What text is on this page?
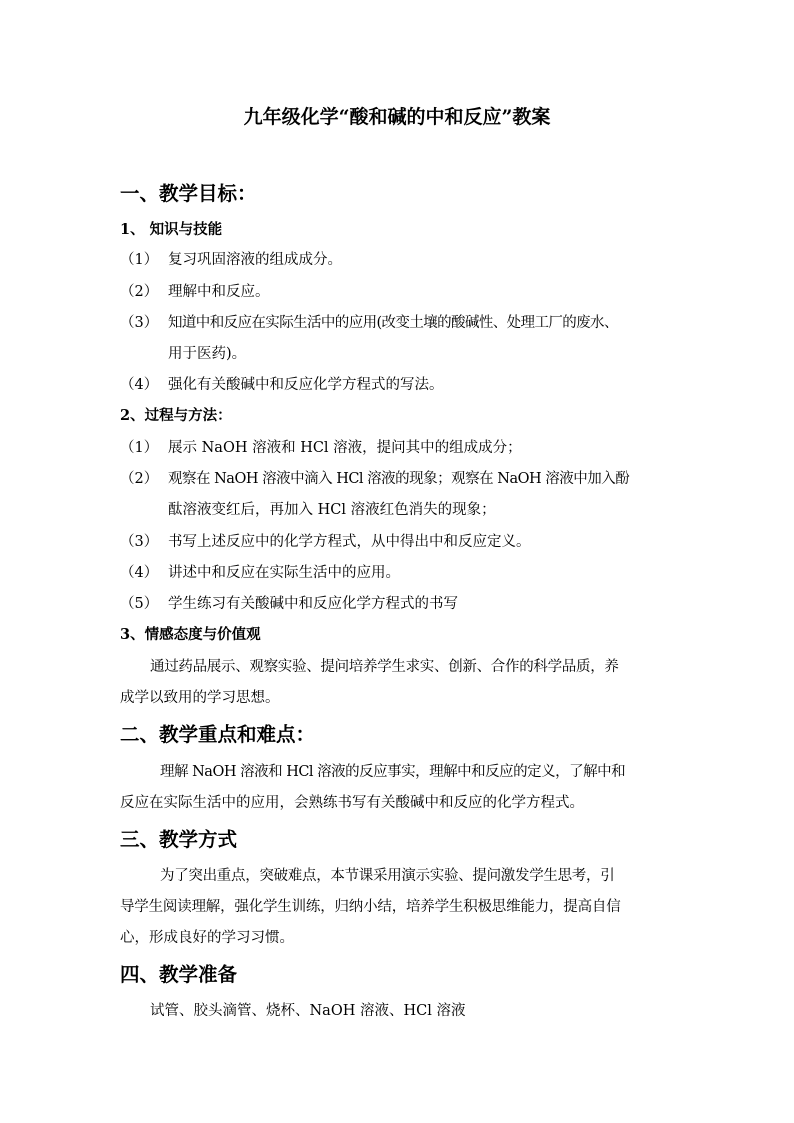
九年级化学“酸和碱的中和反应”教案
一、教学目标：
1、 知识与技能
（1） 复习巩固溶液的组成成分。
（2） 理解中和反应。
（3） 知道中和反应在实际生活中的应用(改变土壤的酸碱性、处理工厂的废水、
用于医药)。
（4） 强化有关酸碱中和反应化学方程式的写法。
2、过程与方法：
（1） 展示 NaOH 溶液和 HCl 溶液，提问其中的组成成分；
（2） 观察在 NaOH 溶液中滴入 HCl 溶液的现象；观察在 NaOH 溶液中加入酚
酞溶液变红后，再加入 HCl 溶液红色消失的现象；
（3） 书写上述反应中的化学方程式，从中得出中和反应定义。
（4） 讲述中和反应在实际生活中的应用。
（5） 学生练习有关酸碱中和反应化学方程式的书写
3、情感态度与价值观
通过药品展示、观察实验、提问培养学生求实、创新、合作的科学品质，养
成学以致用的学习思想。
二、教学重点和难点：
理解 NaOH 溶液和 HCl 溶液的反应事实，理解中和反应的定义，了解中和
反应在实际生活中的应用，会熟练书写有关酸碱中和反应的化学方程式。
三、教学方式
为了突出重点，突破难点，本节课采用演示实验、提问激发学生思考，引
导学生阅读理解，强化学生训练，归纳小结，培养学生积极思维能力，提高自信
心，形成良好的学习习惯。
四、教学准备
试管、胶头滴管、烧杯、NaOH 溶液、HCl 溶液
